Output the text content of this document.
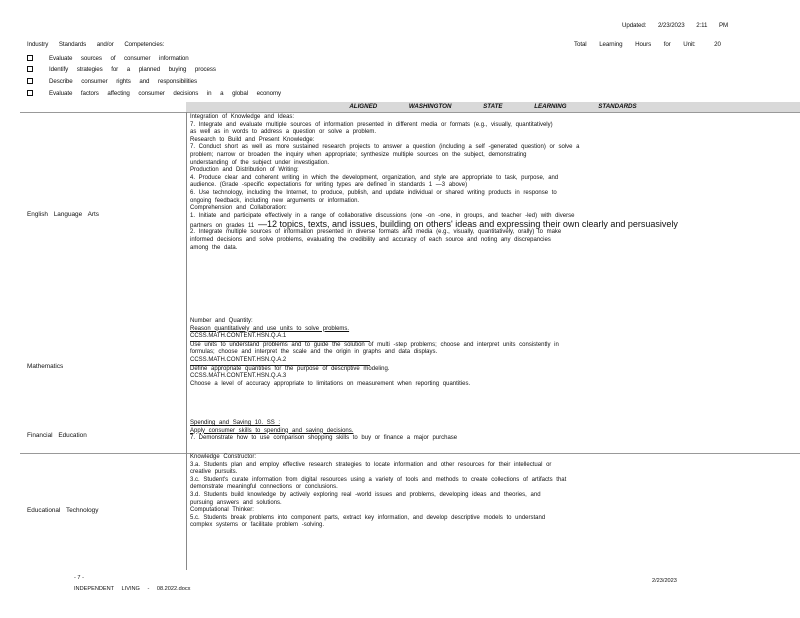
Updated: 2/23/2023 2:11 PM
Industry Standards and/or Competencies:	Total Learning Hours for Unit:	20
Evaluate sources of consumer information
Identify strategies for a planned buying process
Describe consumer rights and responsibilities
Evaluate factors affecting consumer decisions in a global economy
ALIGNED WASHINGTON STATE LEARNING STANDARDS
English Language Arts
Mathematics
Financial Education
Educational Technology
Integration of Knowledge and Ideas:
7. Integrate and evaluate multiple sources of information presented in different media or formats (e.g., visually, quantitatively)
as well as in words to address a question or solve a problem.
Research to Build and Present Knowledge:
7. Conduct short as well as more sustained research projects to answer a question (including a self -generated question) or solve a
problem; narrow or broaden the inquiry when appropriate; synthesize multiple sources on the subject, demonstrating
understanding of the subject under investigation.
Production and Distribution of Writing:
4. Produce clear and coherent writing in which the development, organization, and style are appropriate to task, purpose, and
audience. (Grade -specific expectations for writing types are defined in standards 1 —3 above)
6. Use technology, including the Internet, to produce, publish, and update individual or shared writing products in response to
ongoing feedback, including new arguments or information.
Comprehension and Collaboration:
1. Initiate and participate effectively in a range of collaborative discussions (one -on -one, in groups, and teacher -led) with diverse
partners on grades 11 —12 topics, texts, and issues, building on others' ideas and expressing their own clearly and persuasively
2. Integrate multiple sources of information presented in diverse formats and media (e.g., visually, quantitatively, orally) to make
informed decisions and solve problems, evaluating the credibility and accuracy of each source and noting any discrepancies
among the data.
Number and Quantity:
Reason quantitatively and use units to solve problems.
CCSS.MATH.CONTENT.HSN.Q.A.1
Use units to understand problems and to guide the solution of multi -step problems; choose and interpret units consistently in
formulas; choose and interpret the scale and the origin in graphs and data displays.
CCSS.MATH.CONTENT.HSN.Q.A.2
Define appropriate quantities for the purpose of descriptive modeling.
CCSS.MATH.CONTENT.HSN.Q.A.3
Choose a level of accuracy appropriate to limitations on measurement when reporting quantities.
Spending and Saving 10. SS :
Apply consumer skills to spending and saving decisions.
7. Demonstrate how to use comparison shopping skills to buy or finance a major purchase
Knowledge Constructor:
3.a. Students plan and employ effective research strategies to locate information and other resources for their intellectual or
creative pursuits.
3.c. Student's curate information from digital resources using a variety of tools and methods to create collections of artifacts that
demonstrate meaningful connections or conclusions.
3.d. Students build knowledge by actively exploring real -world issues and problems, developing ideas and theories, and
pursuing answers and solutions.
Computational Thinker:
5.c. Students break problems into component parts, extract key information, and develop descriptive models to understand
complex systems or facilitate problem -solving.
- 7 -
INDEPENDENT LIVING - 08.2022.docx
2/23/2023
